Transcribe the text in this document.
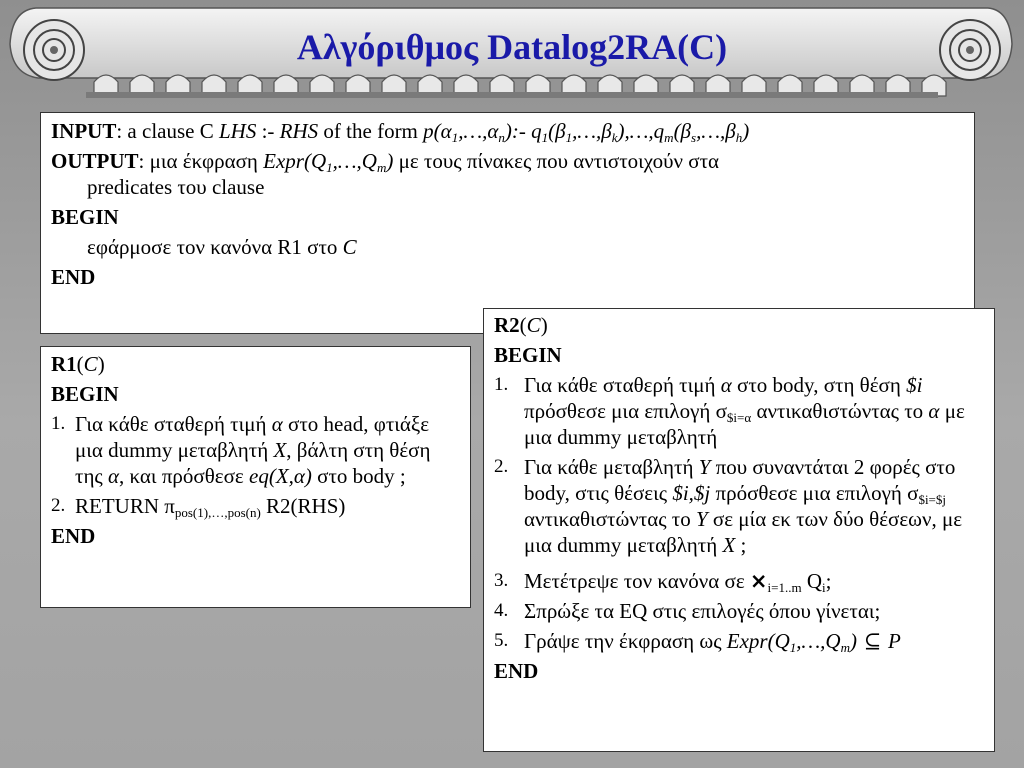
Αλγόριθμος Datalog2RA(C)

INPUT: a clause C LHS :- RHS of the form $p(\alpha_1,\dots,\alpha_n):-$ $q_1(\beta_1,\dots,\beta_k),\dots,q_m(\beta_s,\dots,\beta_h)$

OUTPUT: μια έκφραση $Expr(Q_1,\dots,Q_m)$ με τους πίνακες που αντιστοιχούν στα
predicates του clause

BEGIN

εφάρμοσε τον κανόνα R1 στο C

END

R1(C)

BEGIN

1. Για κάθε σταθερή τιμή α στο head, φτιάξε μια dummy μεταβλητή X, βάλτη στη θέση της α, και πρόσθεσε eq(X,α) στο body ;
2. RETURN $\pi_{pos(1),\dots,pos(n)}$ R2(RHS)

END

R2(C)

BEGIN

1. Για κάθε σταθερή τιμή α στο body, στη θέση $i πρόσθεσε μια επιλογή $\sigma_{\$i=\alpha}$ αντικαθιστώντας το α με μια dummy μεταβλητή
2. Για κάθε μεταβλητή Y που συναντάται 2 φορές στο body, στις θέσεις $i,$j πρόσθεσε μια επιλογή $\sigma_{\$i=\$j}$ αντικαθιστώντας το Y σε μία εκ των δύο θέσεων, με μια dummy μεταβλητή X ;
3. Μετέτρεψε τον κανόνα $\sigma\varepsilon \times_{i=1..m}$ $Q_i$;
4. Σπρώξε τα EQ στις επιλογές όπου γίνεται;
5. Γράψε την έκφραση ως $Expr(Q_1,\dots,Q_m)$ ⊆ P

END
